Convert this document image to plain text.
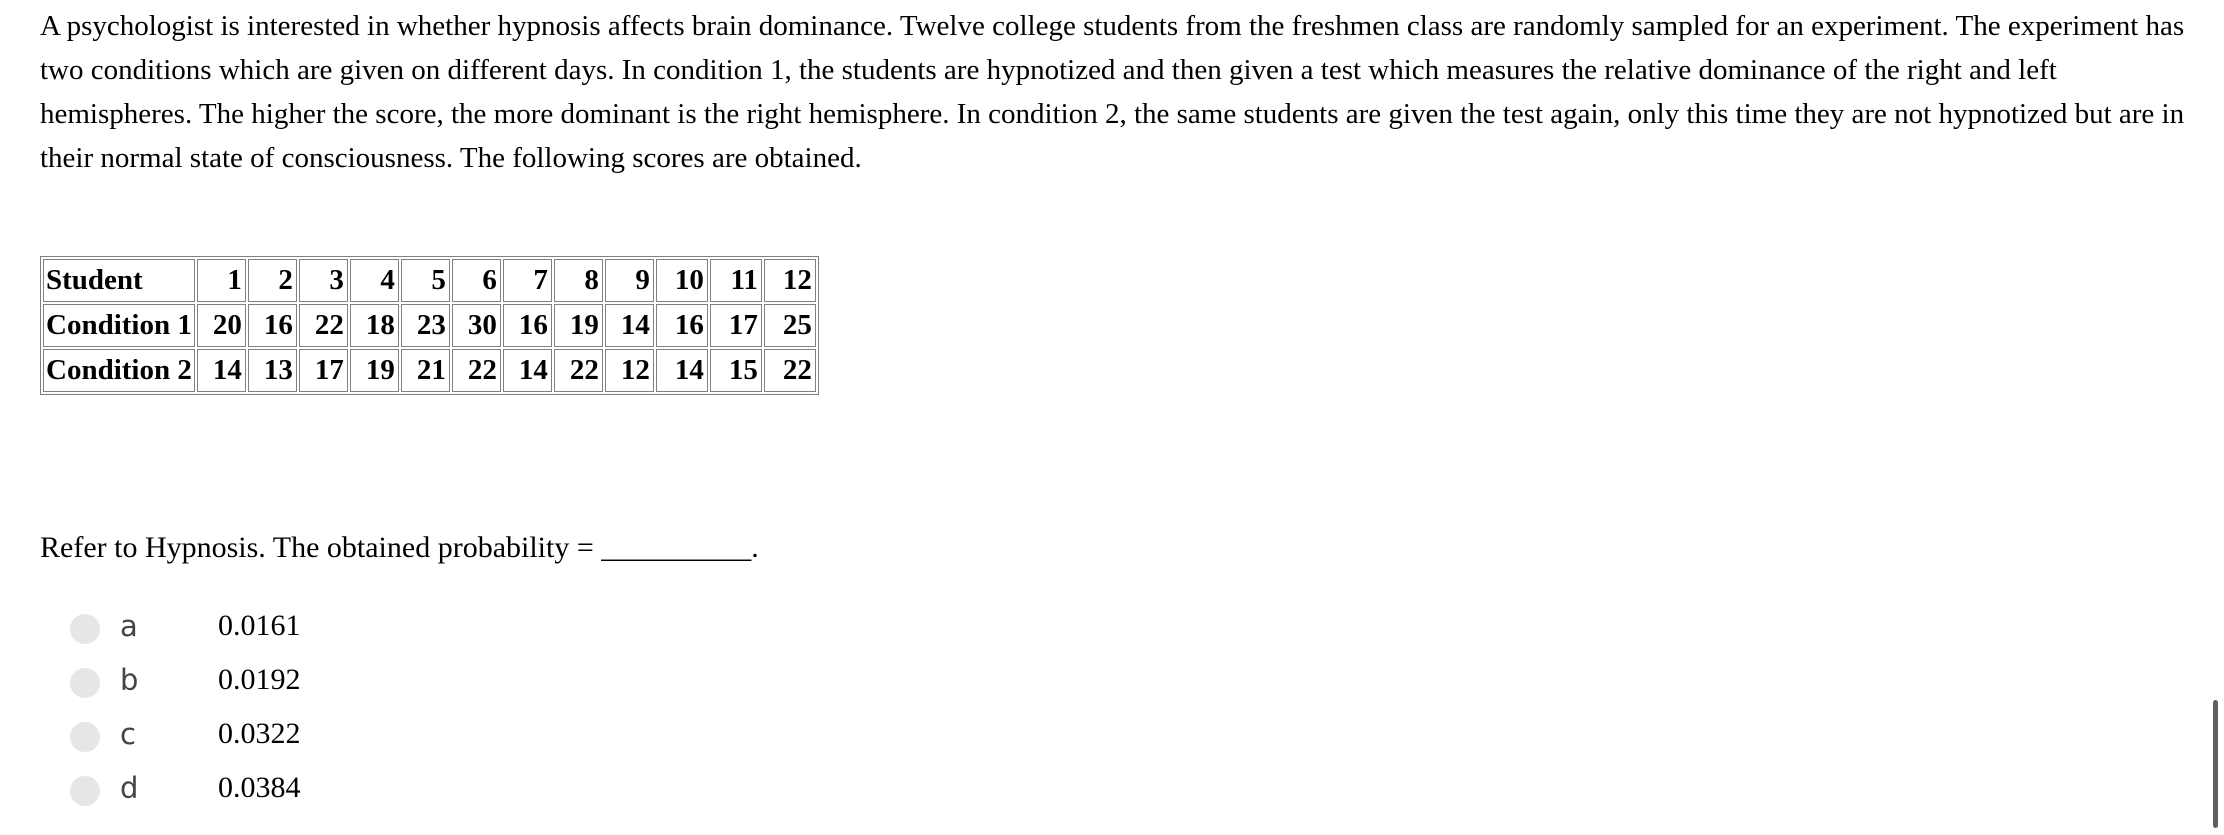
A psychologist is interested in whether hypnosis affects brain dominance. Twelve college students from the freshmen class are randomly sampled for an experiment. The experiment has two conditions which are given on different days. In condition 1, the students are hypnotized and then given a test which measures the relative dominance of the right and left hemispheres. The higher the score, the more dominant is the right hemisphere. In condition 2, the same students are given the test again, only this time they are not hypnotized but are in their normal state of consciousness. The following scores are obtained.

Student	1	2	3	4	5	6	7	8	9	10	11	12
Condition 1	20	16	22	18	23	30	16	19	14	16	17	25
Condition 2	14	13	17	19	21	22	14	22	12	14	15	22

Refer to Hypnosis. The obtained probability = __________.

a	0.0161
b	0.0192
c	0.0322
d	0.0384
